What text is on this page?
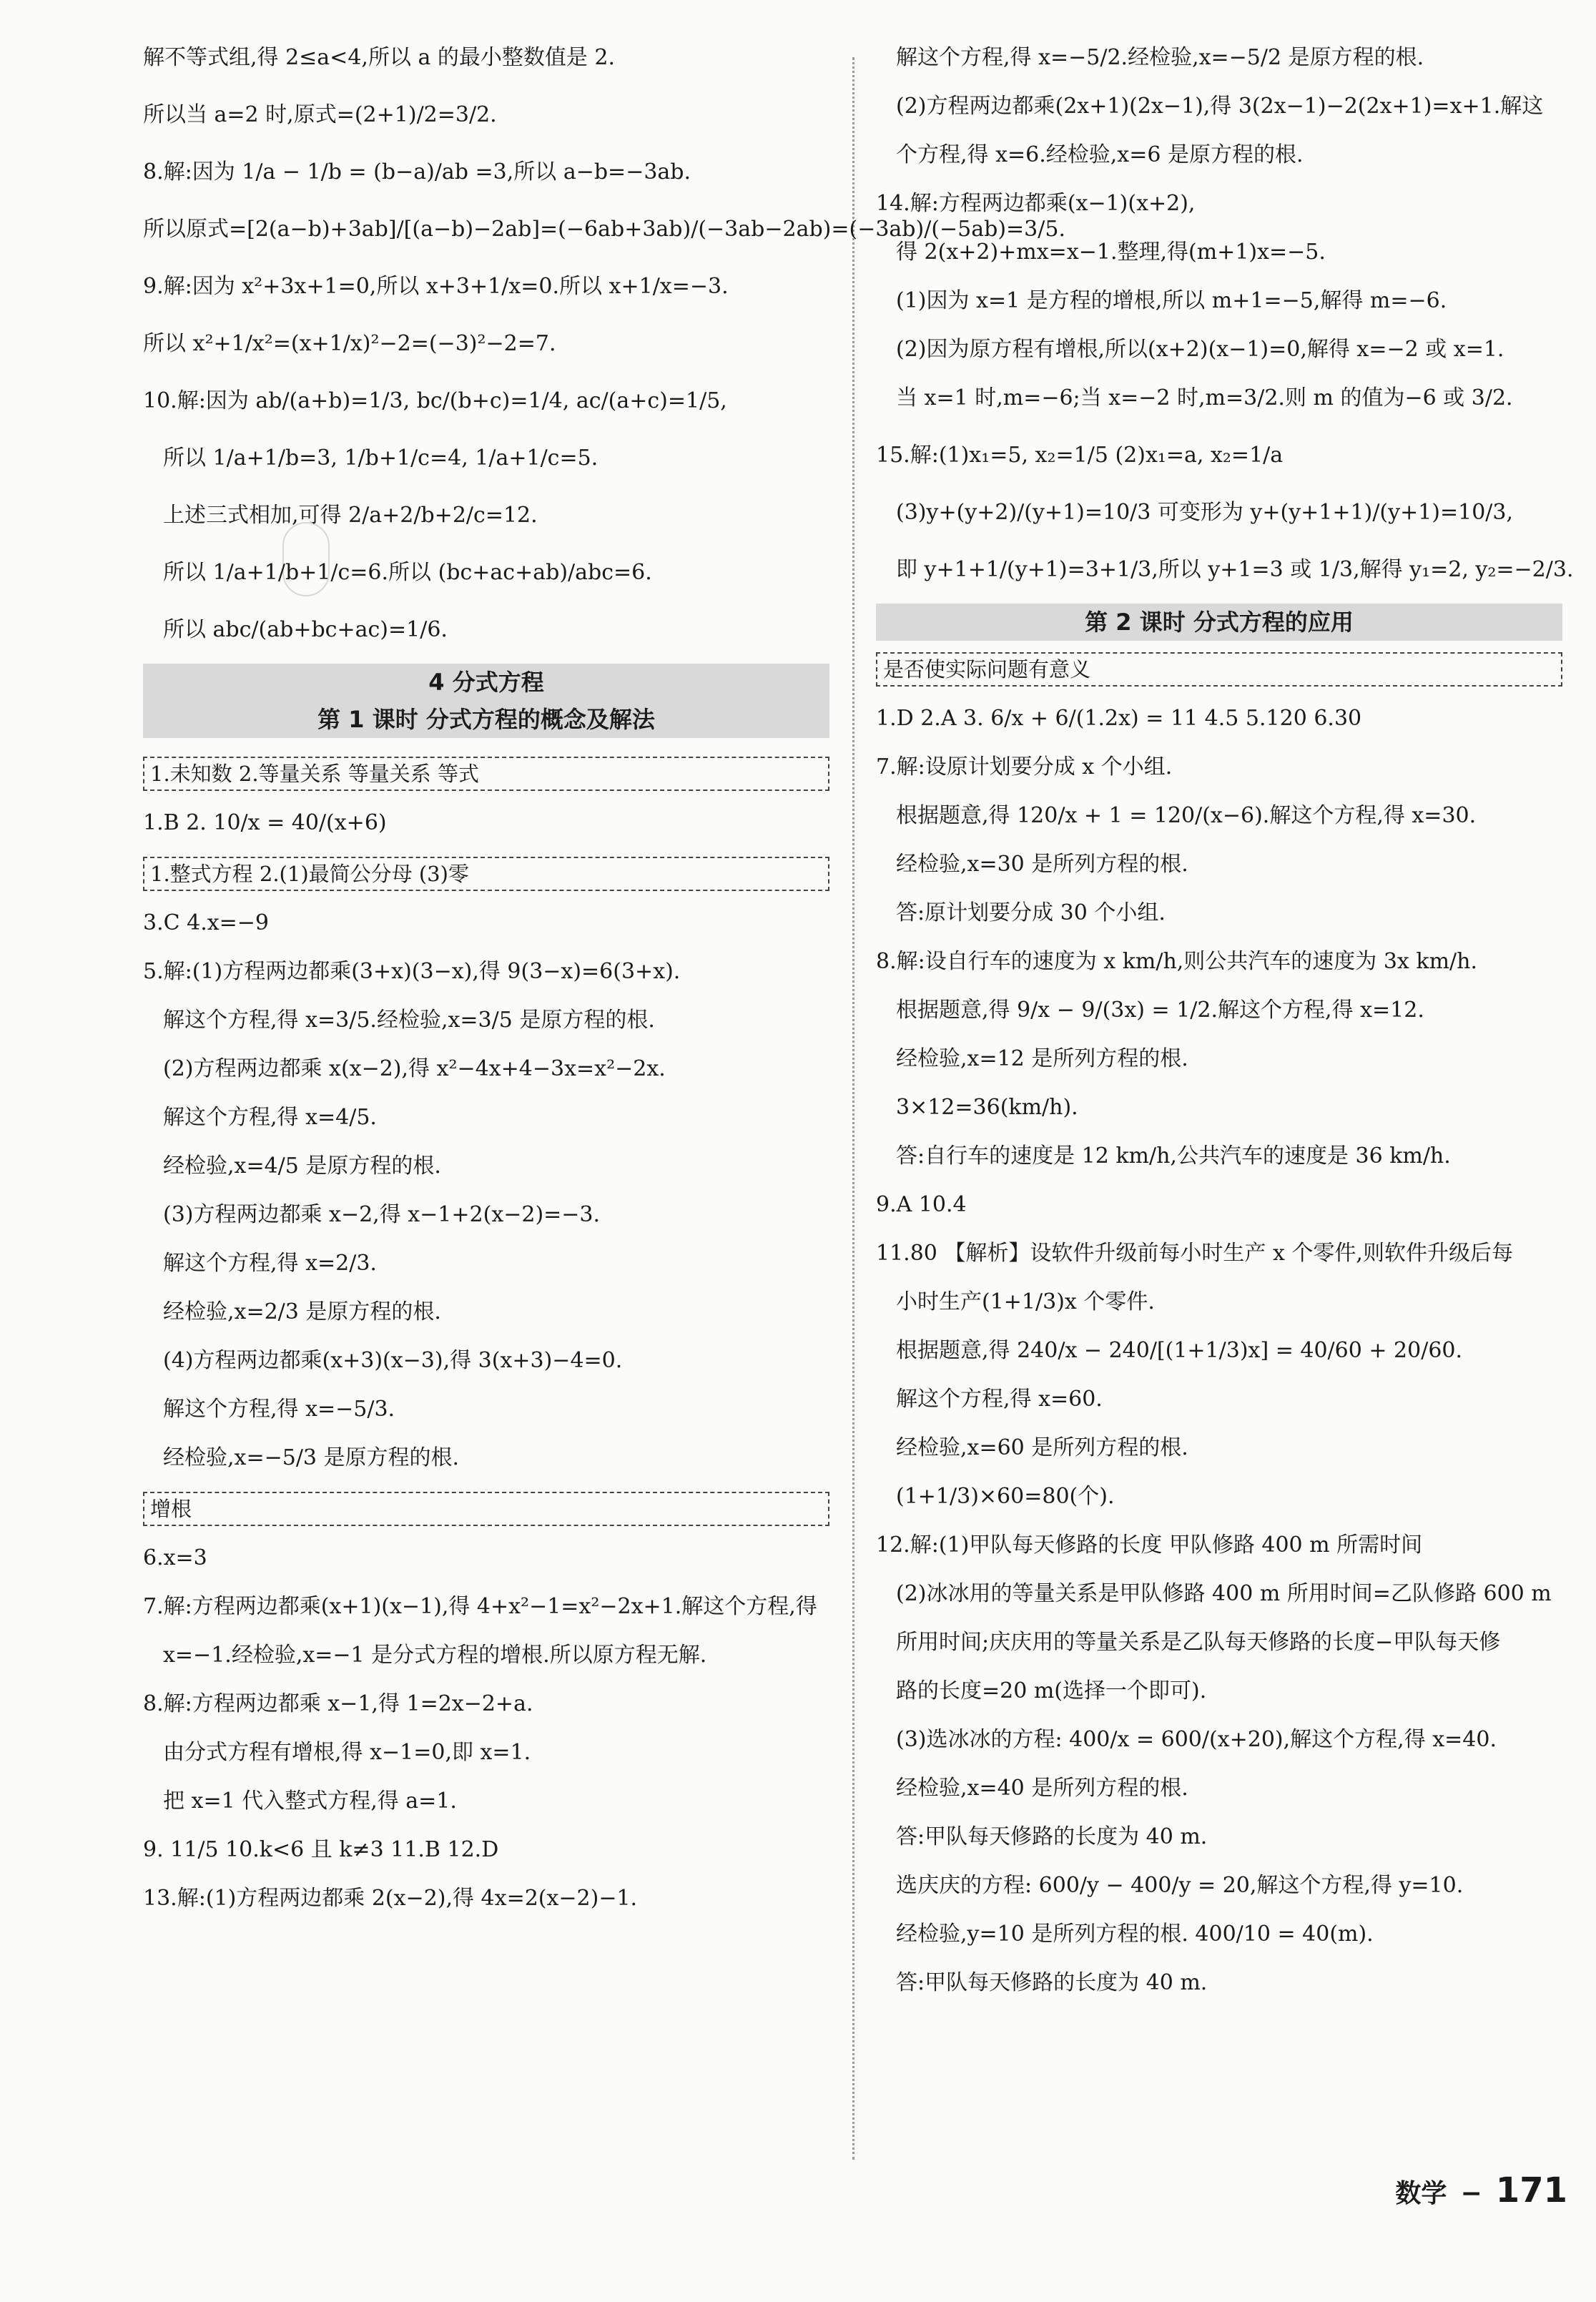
解不等式组,得 2≤a<4,所以 a 的最小整数值是 2.
所以当 a=2 时,原式=(2+1)/2=3/2.
8.解:因为 1/a − 1/b = (b−a)/ab =3,所以 a−b=−3ab.
所以原式=[2(a−b)+3ab]/[(a−b)−2ab]=(−6ab+3ab)/(−3ab−2ab)=(−3ab)/(−5ab)=3/5.
9.解:因为 x²+3x+1=0,所以 x+3+1/x=0.所以 x+1/x=−3.
所以 x²+1/x²=(x+1/x)²−2=(−3)²−2=7.
10.解:因为 ab/(a+b)=1/3, bc/(b+c)=1/4, ac/(a+c)=1/5,
所以 1/a+1/b=3, 1/b+1/c=4, 1/a+1/c=5.
上述三式相加,可得 2/a+2/b+2/c=12.
所以 1/a+1/b+1/c=6.所以 (bc+ac+ab)/abc=6.
所以 abc/(ab+bc+ac)=1/6.
4 分式方程
第 1 课时 分式方程的概念及解法
1.未知数 2.等量关系 等量关系 等式
1.B 2. 10/x = 40/(x+6)
1.整式方程 2.(1)最简公分母 (3)零
3.C 4.x=−9
5.解:(1)方程两边都乘(3+x)(3−x),得 9(3−x)=6(3+x).
解这个方程,得 x=3/5.经检验,x=3/5 是原方程的根.
(2)方程两边都乘 x(x−2),得 x²−4x+4−3x=x²−2x.
解这个方程,得 x=4/5.
经检验,x=4/5 是原方程的根.
(3)方程两边都乘 x−2,得 x−1+2(x−2)=−3.
解这个方程,得 x=2/3.
经检验,x=2/3 是原方程的根.
(4)方程两边都乘(x+3)(x−3),得 3(x+3)−4=0.
解这个方程,得 x=−5/3.
经检验,x=−5/3 是原方程的根.
增根
6.x=3
7.解:方程两边都乘(x+1)(x−1),得 4+x²−1=x²−2x+1.解这个方程,得
x=−1.经检验,x=−1 是分式方程的增根.所以原方程无解.
8.解:方程两边都乘 x−1,得 1=2x−2+a.
由分式方程有增根,得 x−1=0,即 x=1.
把 x=1 代入整式方程,得 a=1.
9. 11/5 10.k<6 且 k≠3 11.B 12.D
13.解:(1)方程两边都乘 2(x−2),得 4x=2(x−2)−1.
解这个方程,得 x=−5/2.经检验,x=−5/2 是原方程的根.
(2)方程两边都乘(2x+1)(2x−1),得 3(2x−1)−2(2x+1)=x+1.解这
个方程,得 x=6.经检验,x=6 是原方程的根.
14.解:方程两边都乘(x−1)(x+2),
得 2(x+2)+mx=x−1.整理,得(m+1)x=−5.
(1)因为 x=1 是方程的增根,所以 m+1=−5,解得 m=−6.
(2)因为原方程有增根,所以(x+2)(x−1)=0,解得 x=−2 或 x=1.
当 x=1 时,m=−6;当 x=−2 时,m=3/2.则 m 的值为−6 或 3/2.
15.解:(1)x₁=5, x₂=1/5 (2)x₁=a, x₂=1/a
(3)y+(y+2)/(y+1)=10/3 可变形为 y+(y+1+1)/(y+1)=10/3,
即 y+1+1/(y+1)=3+1/3,所以 y+1=3 或 1/3,解得 y₁=2, y₂=−2/3.
第 2 课时 分式方程的应用
是否使实际问题有意义
1.D 2.A 3. 6/x + 6/(1.2x) = 11 4.5 5.120 6.30
7.解:设原计划要分成 x 个小组.
根据题意,得 120/x + 1 = 120/(x−6).解这个方程,得 x=30.
经检验,x=30 是所列方程的根.
答:原计划要分成 30 个小组.
8.解:设自行车的速度为 x km/h,则公共汽车的速度为 3x km/h.
根据题意,得 9/x − 9/(3x) = 1/2.解这个方程,得 x=12.
经检验,x=12 是所列方程的根.
3×12=36(km/h).
答:自行车的速度是 12 km/h,公共汽车的速度是 36 km/h.
9.A 10.4
11.80 【解析】设软件升级前每小时生产 x 个零件,则软件升级后每
小时生产(1+1/3)x 个零件.
根据题意,得 240/x − 240/[(1+1/3)x] = 40/60 + 20/60.
解这个方程,得 x=60.
经检验,x=60 是所列方程的根.
(1+1/3)×60=80(个).
12.解:(1)甲队每天修路的长度 甲队修路 400 m 所需时间
(2)冰冰用的等量关系是甲队修路 400 m 所用时间=乙队修路 600 m
所用时间;庆庆用的等量关系是乙队每天修路的长度−甲队每天修
路的长度=20 m(选择一个即可).
(3)选冰冰的方程: 400/x = 600/(x+20),解这个方程,得 x=40.
经检验,x=40 是所列方程的根.
答:甲队每天修路的长度为 40 m.
选庆庆的方程: 600/y − 400/y = 20,解这个方程,得 y=10.
经检验,y=10 是所列方程的根. 400/10 = 40(m).
答:甲队每天修路的长度为 40 m.
数学 − 171
